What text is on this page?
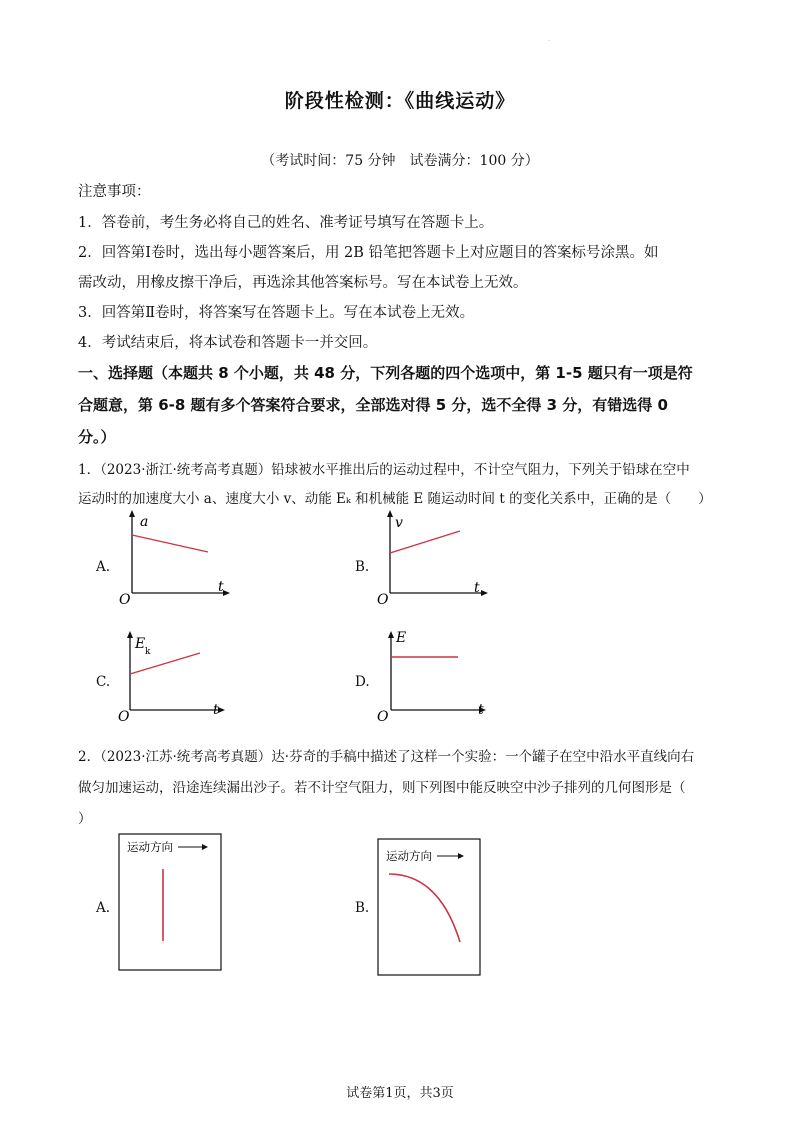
·
阶段性检测：《曲线运动》
（考试时间：75 分钟　试卷满分：100 分）
注意事项：
1．答卷前，考生务必将自己的姓名、准考证号填写在答题卡上。
2．回答第Ⅰ卷时，选出每小题答案后，用 2B 铅笔把答题卡上对应题目的答案标号涂黑。如
需改动，用橡皮擦干净后，再选涂其他答案标号。写在本试卷上无效。
3．回答第Ⅱ卷时，将答案写在答题卡上。写在本试卷上无效。
4．考试结束后，将本试卷和答题卡一并交回。
一、选择题（本题共 8 个小题，共 48 分，下列各题的四个选项中，第 1-5 题只有一项是符
合题意，第 6-8 题有多个答案符合要求，全部选对得 5 分，选不全得 3 分，有错选得 0
分。）
1．（2023·浙江·统考高考真题）铅球被水平推出后的运动过程中，不计空气阻力，下列关于铅球在空中
运动时的加速度大小 a、速度大小 v、动能 Eₖ 和机械能 E 随运动时间 t 的变化关系中，正确的是（　　）
A.
a
t
O
B.
v
t
O
C.
E k
t
O
D.
E
t
O
2．（2023·江苏·统考高考真题）达·芬奇的手稿中描述了这样一个实验：一个罐子在空中沿水平直线向右
做匀加速运动，沿途连续漏出沙子。若不计空气阻力，则下列图中能反映空中沙子排列的几何图形是（
）
A.
运动方向
B.
运动方向
试卷第1页，共3页
